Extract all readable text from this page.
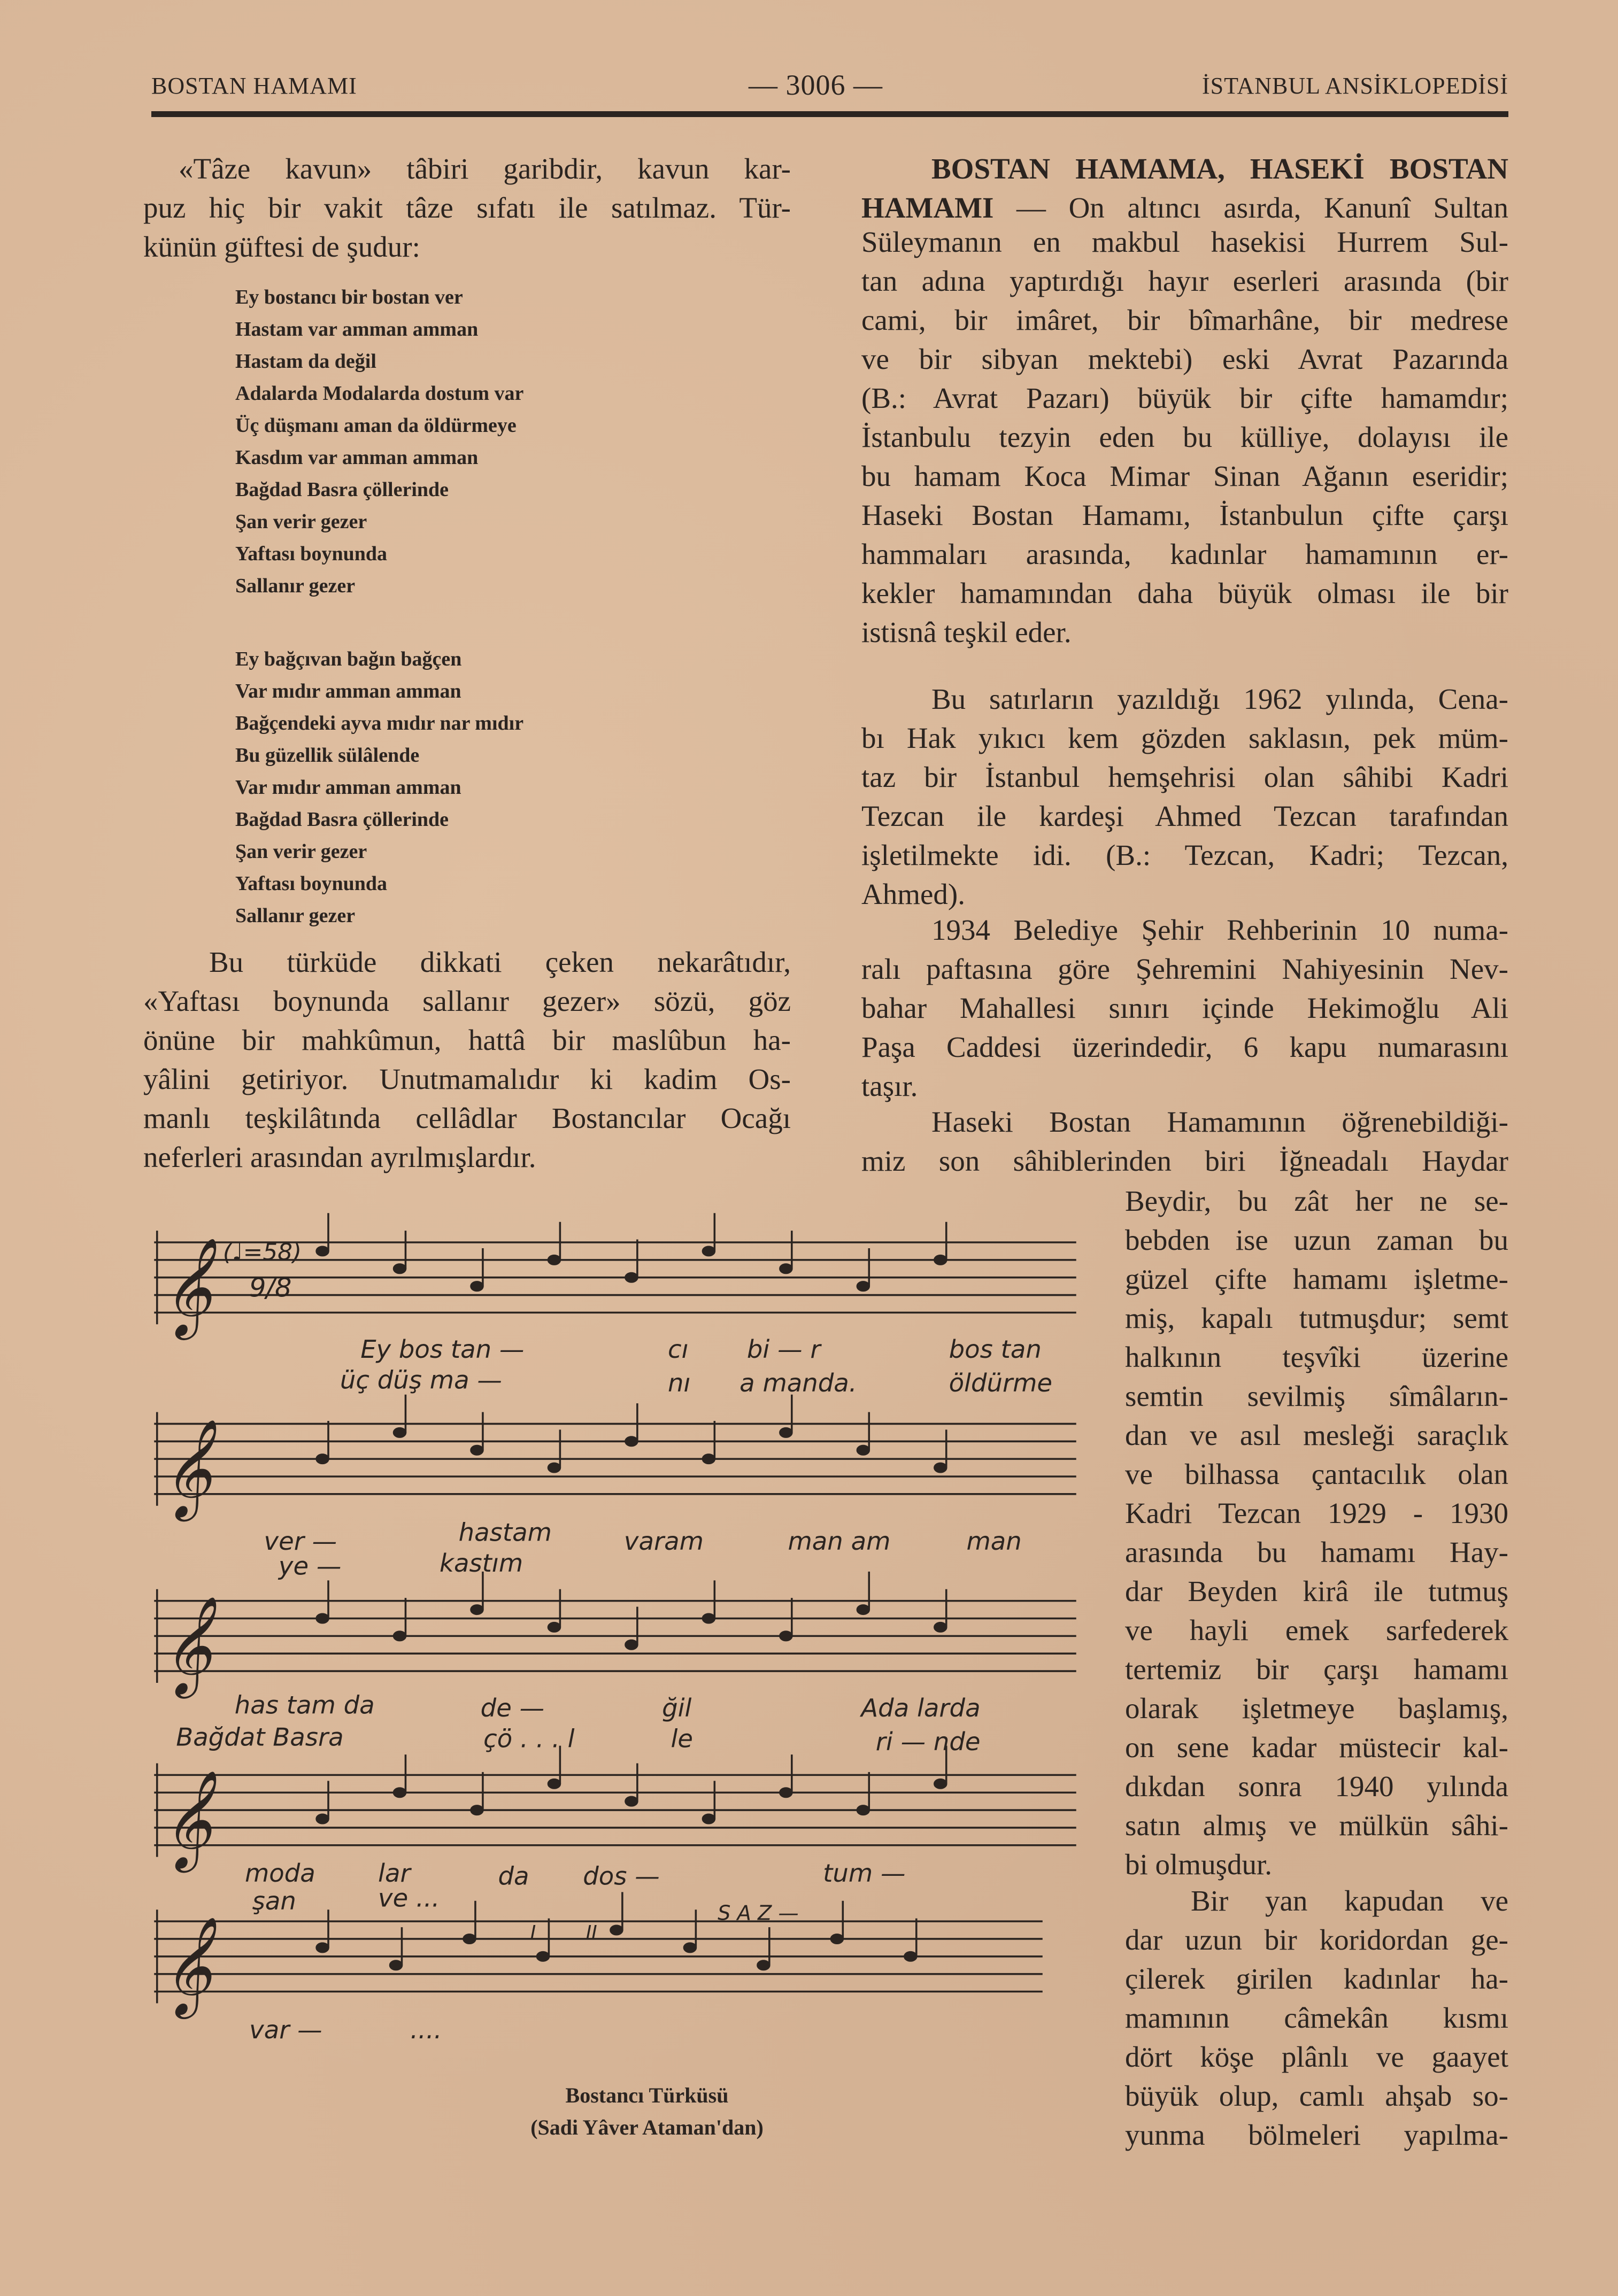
BOSTAN HAMAMI	— 3006 —	İSTANBUL ANSİKLOPEDİSİ
«Tâze kavun» tâbiri garibdir, kavun kar-
puz hiç bir vakit tâze sıfatı ile satılmaz. Tür-
künün güftesi de şudur:
Ey bostancı bir bostan ver
Hastam var amman amman
Hastam da değil
Adalarda Modalarda dostum var
Üç düşmanı aman da öldürmeye
Kasdım var amman amman
Bağdad Basra çöllerinde
Şan verir gezer
Yaftası boynunda
Sallanır gezer
Ey bağçıvan bağın bağçen
Var mıdır amman amman
Bağçendeki ayva mıdır nar mıdır
Bu güzellik sülâlende
Var mıdır amman amman
Bağdad Basra çöllerinde
Şan verir gezer
Yaftası boynunda
Sallanır gezer
Bu türküde dikkati çeken nekarâtıdır,
«Yaftası boynunda sallanır gezer» sözü, göz
önüne bir mahkûmun, hattâ bir maslûbun ha-
yâlini getiriyor. Unutmamalıdır ki kadim Os-
manlı teşkilâtında cellâdlar Bostancılar Ocağı
neferleri arasından ayrılmışlardır.
(♩=58)
9/8
Ey bos tan —	cı	bi — r	bos tan
üç düş ma —	nı	a manda.	öldürme
ver —	hastam	varam	man am	man
ye —	kastım
has tam da	de —	ğil	Ada larda
Bağdat Basra	çö . . . l	le	ri — nde
moda	lar	da	dos —	tum —
şan	ve ...
S A Z —
var —	....
I	II
𝄞
𝄞
𝄞
𝄞
𝄞
Bostancı Türküsü
(Sadi Yâver Ataman'dan)
BOSTAN HAMAMA, HASEKİ BOSTAN
HAMAMI — On altıncı asırda, Kanunî Sultan
Süleymanın en makbul hasekisi Hurrem Sul-
tan adına yaptırdığı hayır eserleri arasında (bir
cami, bir imâret, bir bîmarhâne, bir medrese
ve bir sibyan mektebi) eski Avrat Pazarında
(B.: Avrat Pazarı) büyük bir çifte hamamdır;
İstanbulu tezyin eden bu külliye, dolayısı ile
bu hamam Koca Mimar Sinan Ağanın eseridir;
Haseki Bostan Hamamı, İstanbulun çifte çarşı
hammaları arasında, kadınlar hamamının er-
kekler hamamından daha büyük olması ile bir
istisnâ teşkil eder.
Bu satırların yazıldığı 1962 yılında, Cena-
bı Hak yıkıcı kem gözden saklasın, pek müm-
taz bir İstanbul hemşehrisi olan sâhibi Kadri
Tezcan ile kardeşi Ahmed Tezcan tarafından
işletilmekte idi. (B.: Tezcan, Kadri; Tezcan,
Ahmed).
1934 Belediye Şehir Rehberinin 10 numa-
ralı paftasına göre Şehremini Nahiyesinin Nev-
bahar Mahallesi sınırı içinde Hekimoğlu Ali
Paşa Caddesi üzerindedir, 6 kapu numarasını
taşır.
Haseki Bostan Hamamının öğrenebildiği-
miz son sâhiblerinden biri İğneadalı Haydar
Beydir, bu zât her ne se-
bebden ise uzun zaman bu
güzel çifte hamamı işletme-
miş, kapalı tutmuşdur; semt
halkının teşvîki üzerine
semtin sevilmiş sîmâların-
dan ve asıl mesleği saraçlık
ve bilhassa çantacılık olan
Kadri Tezcan 1929 - 1930
arasında bu hamamı Hay-
dar Beyden kirâ ile tutmuş
ve hayli emek sarfederek
tertemiz bir çarşı hamamı
olarak işletmeye başlamış,
on sene kadar müstecir kal-
dıkdan sonra 1940 yılında
satın almış ve mülkün sâhi-
bi olmuşdur.
Bir yan kapudan ve
dar uzun bir koridordan ge-
çilerek girilen kadınlar ha-
mamının câmekân kısmı
dört köşe plânlı ve gaayet
büyük olup, camlı ahşab so-
yunma bölmeleri yapılma-
